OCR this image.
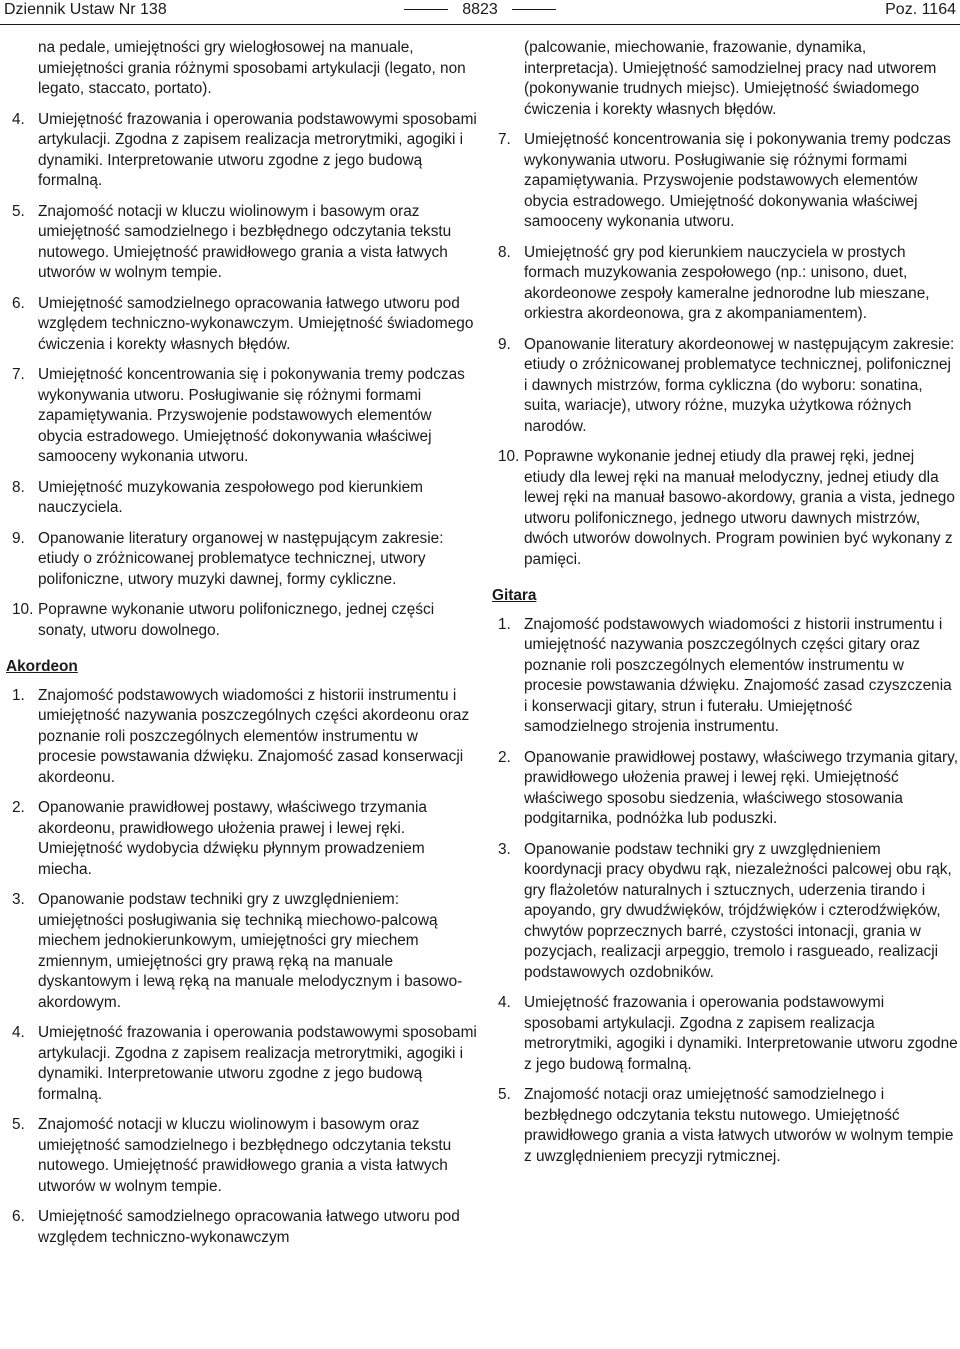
Dziennik Ustaw Nr 138	8823	Poz. 1164

na pedale, umiejętności gry wielogłosowej na manuale, umiejętności grania różnymi sposobami artykulacji (legato, non legato, staccato, portato).

4. Umiejętność frazowania i operowania podstawowymi sposobami artykulacji. Zgodna z zapisem realizacja metrorytmiki, agogiki i dynamiki. Interpretowanie utworu zgodne z jego budową formalną.
5. Znajomość notacji w kluczu wiolinowym i basowym oraz umiejętność samodzielnego i bezbłędnego odczytania tekstu nutowego. Umiejętność prawidłowego grania a vista łatwych utworów w wolnym tempie.
6. Umiejętność samodzielnego opracowania łatwego utworu pod względem techniczno-wykonawczym. Umiejętność świadomego ćwiczenia i korekty własnych błędów.
7. Umiejętność koncentrowania się i pokonywania tremy podczas wykonywania utworu. Posługiwanie się różnymi formami zapamiętywania. Przyswojenie podstawowych elementów obycia estradowego. Umiejętność dokonywania właściwej samooceny wykonania utworu.
8. Umiejętność muzykowania zespołowego pod kierunkiem nauczyciela.
9. Opanowanie literatury organowej w następującym zakresie: etiudy o zróżnicowanej problematyce technicznej, utwory polifoniczne, utwory muzyki dawnej, formy cykliczne.
10. Poprawne wykonanie utworu polifonicznego, jednej części sonaty, utworu dowolnego.
Akordeon
1. Znajomość podstawowych wiadomości z historii instrumentu i umiejętność nazywania poszczególnych części akordeonu oraz poznanie roli poszczególnych elementów instrumentu w procesie powstawania dźwięku. Znajomość zasad konserwacji akordeonu.
2. Opanowanie prawidłowej postawy, właściwego trzymania akordeonu, prawidłowego ułożenia prawej i lewej ręki. Umiejętność wydobycia dźwięku płynnym prowadzeniem miecha.
3. Opanowanie podstaw techniki gry z uwzględnieniem: umiejętności posługiwania się techniką miechowo-palcową miechem jednokierunkowym, umiejętności gry miechem zmiennym, umiejętności gry prawą ręką na manuale dyskantowym i lewą ręką na manuale melodycznym i basowo-akordowym.
4. Umiejętność frazowania i operowania podstawowymi sposobami artykulacji. Zgodna z zapisem realizacja metrorytmiki, agogiki i dynamiki. Interpretowanie utworu zgodne z jego budową formalną.
5. Znajomość notacji w kluczu wiolinowym i basowym oraz umiejętność samodzielnego i bezbłędnego odczytania tekstu nutowego. Umiejętność prawidłowego grania a vista łatwych utworów w wolnym tempie.
6. Umiejętność samodzielnego opracowania łatwego utworu pod względem techniczno-wykonawczym

(palcowanie, miechowanie, frazowanie, dynamika, interpretacja). Umiejętność samodzielnej pracy nad utworem (pokonywanie trudnych miejsc). Umiejętność świadomego ćwiczenia i korekty własnych błędów.

7. Umiejętność koncentrowania się i pokonywania tremy podczas wykonywania utworu. Posługiwanie się różnymi formami zapamiętywania. Przyswojenie podstawowych elementów obycia estradowego. Umiejętność dokonywania właściwej samooceny wykonania utworu.
8. Umiejętność gry pod kierunkiem nauczyciela w prostych formach muzykowania zespołowego (np.: unisono, duet, akordeonowe zespoły kameralne jednorodne lub mieszane, orkiestra akordeonowa, gra z akompaniamentem).
9. Opanowanie literatury akordeonowej w następującym zakresie: etiudy o zróżnicowanej problematyce technicznej, polifonicznej i dawnych mistrzów, forma cykliczna (do wyboru: sonatina, suita, wariacje), utwory różne, muzyka użytkowa różnych narodów.
10. Poprawne wykonanie jednej etiudy dla prawej ręki, jednej etiudy dla lewej ręki na manuał melodyczny, jednej etiudy dla lewej ręki na manuał basowo-akordowy, grania a vista, jednego utworu polifonicznego, jednego utworu dawnych mistrzów, dwóch utworów dowolnych. Program powinien być wykonany z pamięci.
Gitara
1. Znajomość podstawowych wiadomości z historii instrumentu i umiejętność nazywania poszczególnych części gitary oraz poznanie roli poszczególnych elementów instrumentu w procesie powstawania dźwięku. Znajomość zasad czyszczenia i konserwacji gitary, strun i futerału. Umiejętność samodzielnego strojenia instrumentu.
2. Opanowanie prawidłowej postawy, właściwego trzymania gitary, prawidłowego ułożenia prawej i lewej ręki. Umiejętność właściwego sposobu siedzenia, właściwego stosowania podgitarnika, podnóżka lub poduszki.
3. Opanowanie podstaw techniki gry z uwzględnieniem koordynacji pracy obydwu rąk, niezależności palcowej obu rąk, gry flażoletów naturalnych i sztucznych, uderzenia tirando i apoyando, gry dwudźwięków, trójdźwięków i czterodźwięków, chwytów poprzecznych barré, czystości intonacji, grania w pozycjach, realizacji arpeggio, tremolo i rasgueado, realizacji podstawowych ozdobników.
4. Umiejętność frazowania i operowania podstawowymi sposobami artykulacji. Zgodna z zapisem realizacja metrorytmiki, agogiki i dynamiki. Interpretowanie utworu zgodne z jego budową formalną.
5. Znajomość notacji oraz umiejętność samodzielnego i bezbłędnego odczytania tekstu nutowego. Umiejętność prawidłowego grania a vista łatwych utworów w wolnym tempie z uwzględnieniem precyzji rytmicznej.
